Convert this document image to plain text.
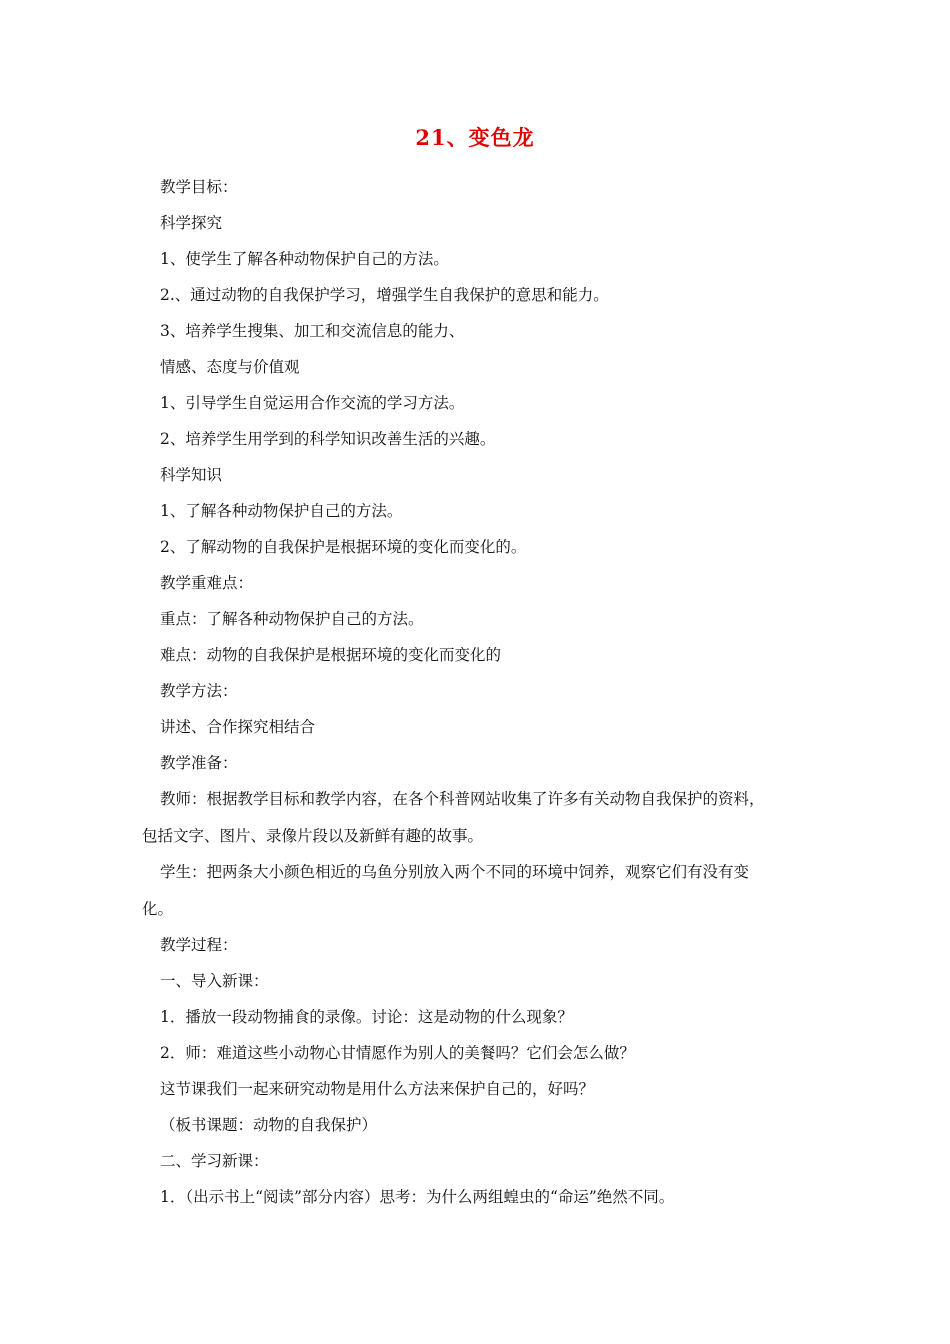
21、变色龙
教学目标：
科学探究
1、使学生了解各种动物保护自己的方法。
2.、通过动物的自我保护学习，增强学生自我保护的意思和能力。
3、培养学生搜集、加工和交流信息的能力、
情感、态度与价值观
1、引导学生自觉运用合作交流的学习方法。
2、培养学生用学到的科学知识改善生活的兴趣。
科学知识
1、了解各种动物保护自己的方法。
2、了解动物的自我保护是根据环境的变化而变化的。
教学重难点：
重点：了解各种动物保护自己的方法。
难点：动物的自我保护是根据环境的变化而变化的
教学方法：
讲述、合作探究相结合
教学准备：
教师：根据教学目标和教学内容，在各个科普网站收集了许多有关动物自我保护的资料，
包括文字、图片、录像片段以及新鲜有趣的故事。
学生：把两条大小颜色相近的乌鱼分别放入两个不同的环境中饲养，观察它们有没有变
化。
教学过程：
一、导入新课：
1．播放一段动物捕食的录像。讨论：这是动物的什么现象？
2．师：难道这些小动物心甘情愿作为别人的美餐吗？它们会怎么做？
这节课我们一起来研究动物是用什么方法来保护自己的，好吗？
（板书课题：动物的自我保护）
二、学习新课：
1．（出示书上“阅读”部分内容）思考：为什么两组蝗虫的“命运”绝然不同。
